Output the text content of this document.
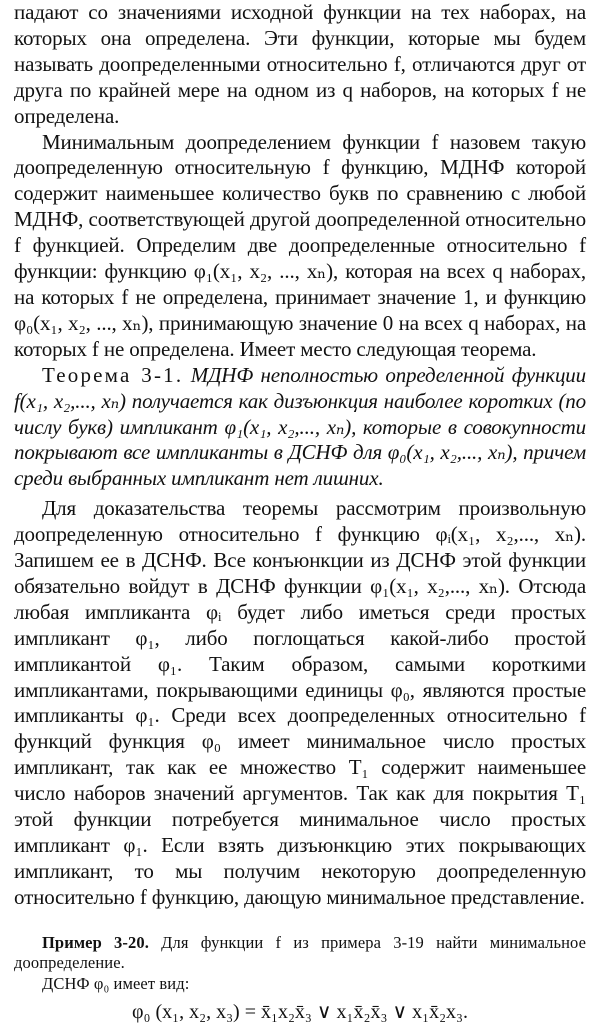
падают со значениями исходной функции на тех наборах, на которых она определена. Эти функции, которые мы будем называть доопределенными относительно f, отличаются друг от друга по крайней мере на одном из q наборов, на которых f не определена.

Минимальным доопределением функции f назовем такую доопределенную относительную f функцию, МДНФ которой содержит наименьшее количество букв по сравнению с любой МДНФ, соответствующей другой доопределенной относительно f функцией. Определим две доопределенные относительно f функции: функцию φ₁(x₁, x₂, ..., xₙ), которая на всех q наборах, на которых f не определена, принимает значение 1, и функцию φ₀(x₁, x₂, ..., xₙ), принимающую значение 0 на всех q наборах, на которых f не определена. Имеет место следующая теорема.

Теорема 3-1. МДНФ неполностью определенной функции f(x₁, x₂,..., xₙ) получается как дизъюнкция наиболее коротких (по числу букв) импликант φ₁(x₁, x₂,..., xₙ), которые в совокупности покрывают все импликанты в ДСНФ для φ₀(x₁, x₂,..., xₙ), причем среди выбранных импликант нет лишних.

Для доказательства теоремы рассмотрим произвольную доопределенную относительно f функцию φᵢ(x₁, x₂,..., xₙ). Запишем ее в ДСНФ. Все конъюнкции из ДСНФ этой функции обязательно войдут в ДСНФ функции φ₁(x₁, x₂,..., xₙ). Отсюда любая импликанта φᵢ будет либо иметься среди простых импликант φ₁, либо поглощаться какой-либо простой импликантой φ₁. Таким образом, самыми короткими импликантами, покрывающими единицы φ₀, являются простые импликанты φ₁. Среди всех доопределенных относительно f функций функция φ₀ имеет минимальное число простых импликант, так как ее множество T₁ содержит наименьшее число наборов значений аргументов. Так как для покрытия T₁ этой функции потребуется минимальное число простых импликант φ₁. Если взять дизъюнкцию этих покрывающих импликант, то мы получим некоторую доопределенную относительно f функцию, дающую минимальное представление.

Пример 3-20. Для функции f из примера 3-19 найти минимальное доопределение.

ДСНФ φ₀ имеет вид:

φ₀ (x₁, x₂, x₃) = x̄₁x₂x̄₃ ∨ x₁x̄₂x̄₃ ∨ x₁x̄₂x₃.
